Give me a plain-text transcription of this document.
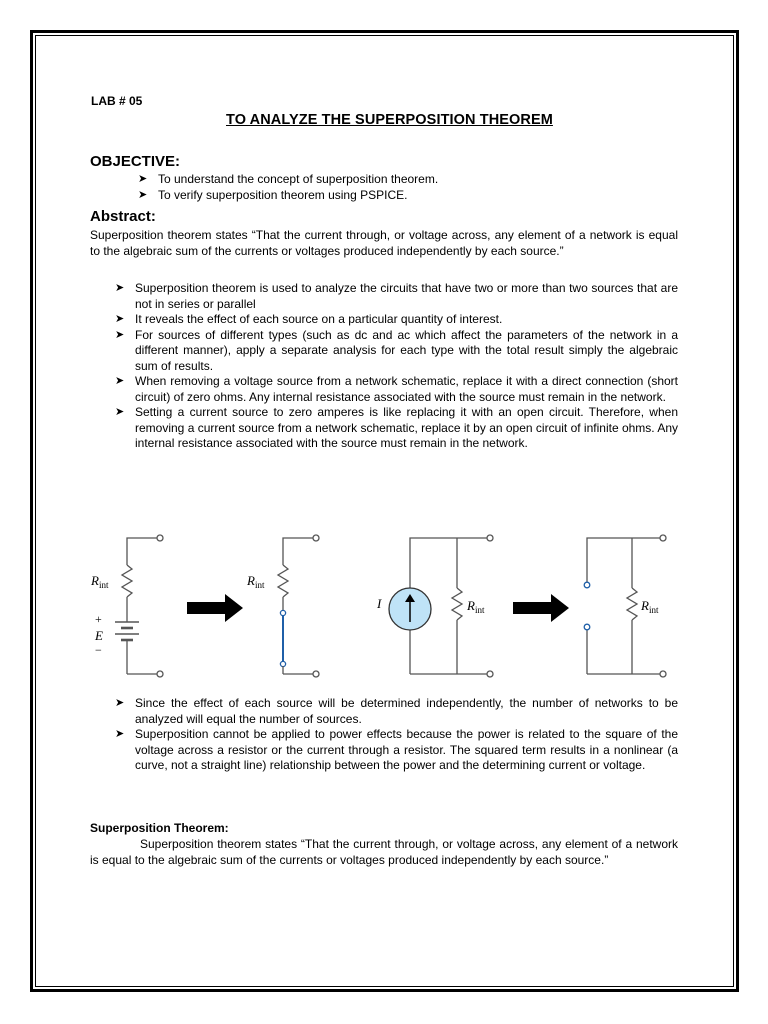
LAB # 05
TO ANALYZE THE SUPERPOSITION THEOREM
OBJECTIVE:
➤ To understand the concept of superposition theorem.
➤ To verify superposition theorem using PSPICE.
Abstract:

Superposition theorem states “That the current through, or voltage across, any element of a network is equal to the algebraic sum of the currents or voltages produced independently by each source.”

➤ Superposition theorem is used to analyze the circuits that have two or more than two sources that are not in series or parallel
➤ It reveals the effect of each source on a particular quantity of interest.
➤ For sources of different types (such as dc and ac which affect the parameters of the network in a different manner), apply a separate analysis for each type with the total result simply the algebraic sum of results.
➤ When removing a voltage source from a network schematic, replace it with a direct connection (short circuit) of zero ohms. Any internal resistance associated with the source must remain in the network.
➤ Setting a current source to zero amperes is like replacing it with an open circuit. Therefore, when removing a current source from a network schematic, replace it by an open circuit of infinite ohms. Any internal resistance associated with the source must remain in the network.
$R_{int}$
+
E
−
$R_{int}$
I	$R_{int}$	$R_{int}$
➤ Since the effect of each source will be determined independently, the number of networks to be analyzed will equal the number of sources.
➤ Superposition cannot be applied to power effects because the power is related to the square of the voltage across a resistor or the current through a resistor. The squared term results in a nonlinear (a curve, not a straight line) relationship between the power and the determining current or voltage.
Superposition Theorem:

Superposition theorem states “That the current through, or voltage across, any element of a network is equal to the algebraic sum of the currents or voltages produced independently by each source.”
